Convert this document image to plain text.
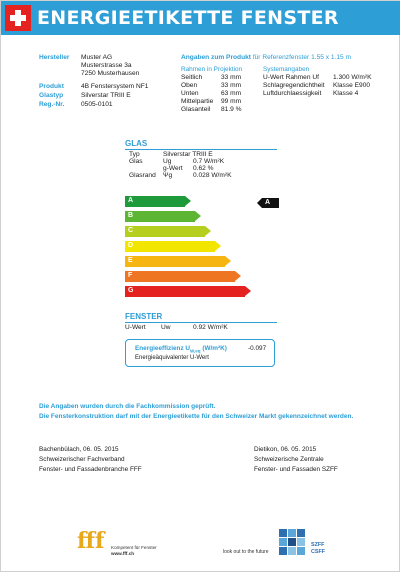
ENERGIEETIKETTE FENSTER
Hersteller Muster AG
Musterstrasse 3a
7250 Musterhausen
Produkt	4B Fenstersystem NF1
Glastyp	Silverstar TRIII E
Reg.-Nr.	0505-0101
Angaben zum Produkt für Referenzfenster 1.55 x 1.15 m
Rahmen in Projektion	Systemangaben
Seitlich	33 mm
Oben	33 mm
Unten	63 mm
Mittelpartie 99 mm
Glasanteil 81.9 %
U-Wert Rahmen Uf 1.300 W/m²K
Schlagregendichtheit Klasse E900
Luftdurchlaessigkeit Klasse 4
GLAS
Typ	Silverstar TRIII E
Glas	Ug	0.7 W/m²K
g-Wert 0.62 %
Glasrand Ψg	0.028 W/m²K
A
B
C
D
E
F
G
A
FENSTER
U-Wert Uw	0.92 W/m²K
Energieeffizienz $U_{W,eq}$ (W/m²K)	-0.097
Energieäquivalenter U-Wert
Die Angaben wurden durch die Fachkommission geprüft.
Die Fensterkonstruktion darf mit der Energieetikette für den Schweizer Markt gekennzeichnet werden.
Bachenbülach, 06. 05. 2015
Schweizerischer Fachverband
Fenster- und Fassadenbranche FFF
Dietikon, 06. 05. 2015
Schweizerische Zentrale
Fenster- und Fassaden SZFF
fff Kompetent für Fenster
www.fff.ch	look out to the future
SZFF
CSFF
